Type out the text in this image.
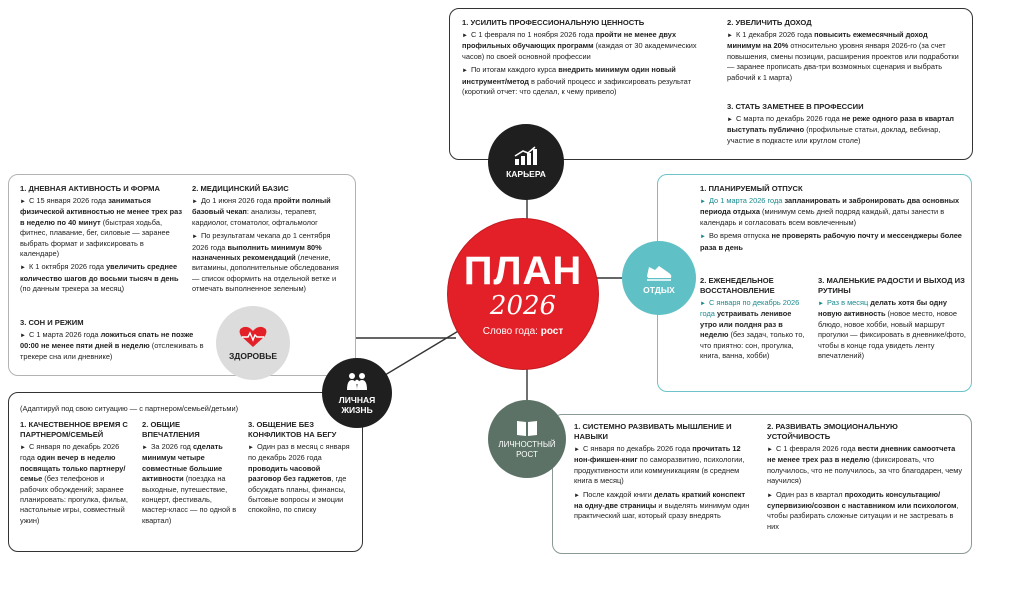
1. УСИЛИТЬ ПРОФЕССИОНАЛЬНУЮ ЦЕННОСТЬ

► С 1 февраля по 1 ноября 2026 года пройти не менее двух профильных обучающих программ (каждая от 30 академических часов) по своей основной профессии

► По итогам каждого курса внедрить минимум один новый инструмент/метод в рабочий процесс и зафиксировать результат (короткий отчет: что сделал, к чему привело)

2. УВЕЛИЧИТЬ ДОХОД

► К 1 декабря 2026 года повысить ежемесячный доход минимум на 20% относительно уровня января 2026-го (за счет повышения, смены позиции, расширения проектов или подработки — заранее прописать два-три возможных сценария и выбрать рабочий к 1 марта)

3. СТАТЬ ЗАМЕТНЕЕ В ПРОФЕССИИ

► С марта по декабрь 2026 года не реже одного раза в квартал выступать публично (профильные статьи, доклад, вебинар, участие в подкасте или круглом столе)

1. ПЛАНИРУЕМЫЙ ОТПУСК

► До 1 марта 2026 года запланировать и забронировать два основных периода отдыха (минимум семь дней подряд каждый, даты занести в календарь и согласовать всем вовлеченным)

► Во время отпуска не проверять рабочую почту и мессенджеры более раза в день

2. ЕЖЕНЕДЕЛЬНОЕ ВОССТАНОВЛЕНИЕ

► С января по декабрь 2026 года устраивать ленивое утро или полдня раз в неделю (без задач, только то, что приятно: сон, прогулка, книга, ванна, хобби)

3. МАЛЕНЬКИЕ РАДОСТИ И ВЫХОД ИЗ РУТИНЫ

► Раз в месяц делать хотя бы одну новую активность (новое место, новое блюдо, новое хобби, новый маршрут прогулки — фиксировать в дневнике/фото, чтобы в конце года увидеть ленту впечатлений)

1. ДНЕВНАЯ АКТИВНОСТЬ И ФОРМА

► С 15 января 2026 года заниматься физической активностью не менее трех раз в неделю по 40 минут (быстрая ходьба, фитнес, плавание, бег, силовые — заранее выбрать формат и зафиксировать в календаре)

► К 1 октября 2026 года увеличить среднее количество шагов до восьми тысяч в день (по данным трекера за месяц)

2. МЕДИЦИНСКИЙ БАЗИС

► До 1 июня 2026 года пройти полный базовый чекап: анализы, терапевт, кардиолог, стоматолог, офтальмолог

► По результатам чекапа до 1 сентября 2026 года выполнить минимум 80% назначенных рекомендаций (лечение, витамины, дополнительные обследования — список оформить на отдельной ветке и отмечать выполненное зеленым)

3. СОН И РЕЖИМ

► С 1 марта 2026 года ложиться спать не позже 00:00 не менее пяти дней в неделю (отслеживать в трекере сна или дневнике)

(Адаптируй под свою ситуацию — с партнером/семьей/детьми)
1. КАЧЕСТВЕННОЕ ВРЕМЯ С ПАРТНЕРОМ/СЕМЬЕЙ

► С января по декабрь 2026 года один вечер в неделю посвящать только партнеру/семье (без телефонов и рабочих обсуждений; заранее планировать: прогулка, фильм, настольные игры, совместный ужин)

2. ОБЩИЕ ВПЕЧАТЛЕНИЯ

► За 2026 год сделать минимум четыре совместные большие активности (поездка на выходные, путешествие, концерт, фестиваль, мастер-класс — по одной в квартал)

3. ОБЩЕНИЕ БЕЗ КОНФЛИКТОВ НА БЕГУ

► Один раз в месяц с января по декабрь 2026 года проводить часовой разговор без гаджетов, где обсуждать планы, финансы, бытовые вопросы и эмоции спокойно, по списку

1. СИСТЕМНО РАЗВИВАТЬ МЫШЛЕНИЕ И НАВЫКИ

► С января по декабрь 2026 года прочитать 12 нон-фикшен-книг по саморазвитию, психологии, продуктивности или коммуникациям (в среднем книга в месяц)

► После каждой книги делать краткий конспект на одну-две страницы и выделять минимум один практический шаг, который сразу внедрять

2. РАЗВИВАТЬ ЭМОЦИОНАЛЬНУЮ УСТОЙЧИВОСТЬ

► С 1 февраля 2026 года вести дневник самоотчета не менее трех раз в неделю (фиксировать, что получилось, что не получилось, за что благодарен, чему научился)

► Один раз в квартал проходить консультацию/супервизию/созвон с наставником или психологом, чтобы разбирать сложные ситуации и не застревать в них

КАРЬЕРА
ОТДЫХ
ЗДОРОВЬЕ
ЛИЧНАЯ
ЖИЗНЬ
ЛИЧНОСТНЫЙ
РОСТ
ПЛАН
2026
Слово года: рост
